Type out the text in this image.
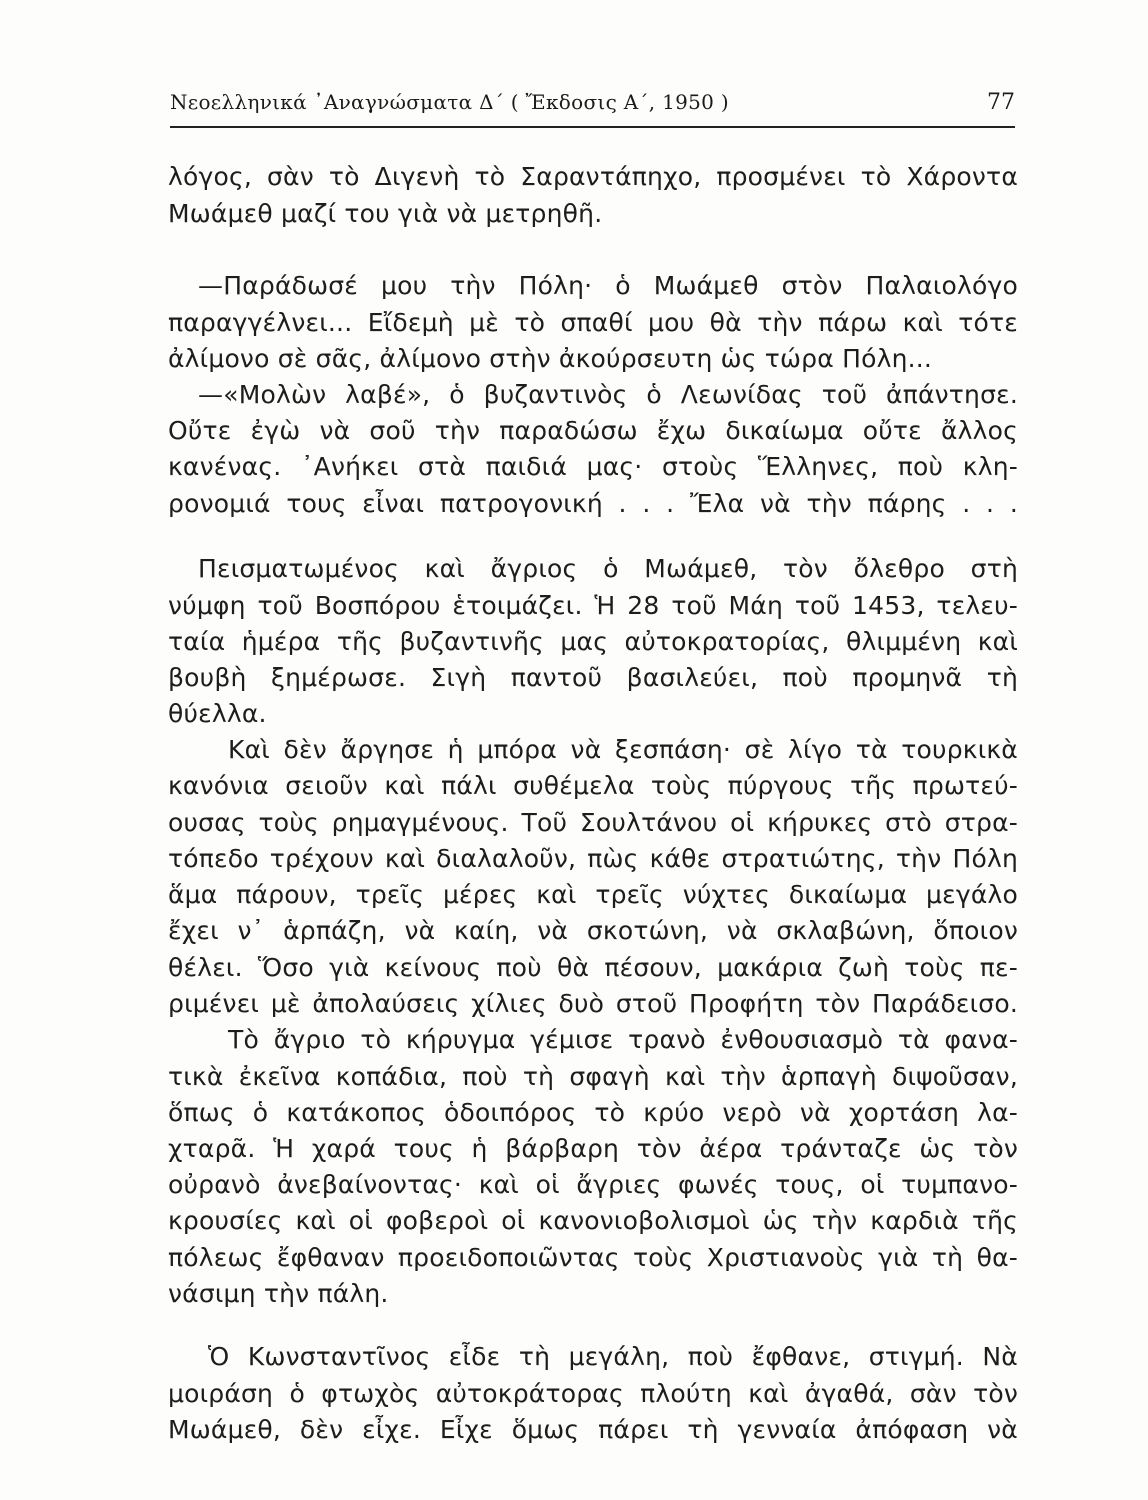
Νεοελληνικά ᾽Αναγνώσματα Δ΄ ( Ἔκδοσις Α΄, 1950 )	77
λόγος, σὰν τὸ Διγενὴ τὸ Σαραντάπηχο, προσμένει τὸ Χάροντα
Μωάμεθ μαζί του γιὰ νὰ μετρηθῆ.
—Παράδωσέ μου τὴν Πόλη· ὁ Μωάμεθ στὸν Παλαιολόγο
παραγγέλνει... Εἴδεμὴ μὲ τὸ σπαθί μου θὰ τὴν πάρω καὶ τότε
ἀλίμονο σὲ σᾶς, ἀλίμονο στὴν ἀκούρσευτη ὡς τώρα Πόλη...
—«Μολὼν λαβέ», ὁ βυζαντινὸς ὁ Λεωνίδας τοῦ ἀπάντησε.
Οὔτε ἐγὼ νὰ σοῦ τὴν παραδώσω ἔχω δικαίωμα οὔτε ἄλλος
κανένας. ᾽Ανήκει στὰ παιδιά μας· στοὺς Ἕλληνες, ποὺ κλη-
ρονομιά τους εἶναι πατρογονική . . . Ἔλα νὰ τὴν πάρης . . .
Πεισματωμένος καὶ ἄγριος ὁ Μωάμεθ, τὸν ὄλεθρο στὴ
νύμφη τοῦ Βοσπόρου ἑτοιμάζει. Ἡ 28 τοῦ Μάη τοῦ 1453, τελευ-
ταία ἡμέρα τῆς βυζαντινῆς μας αὐτοκρατορίας, θλιμμένη καὶ
βουβὴ ξημέρωσε. Σιγὴ παντοῦ βασιλεύει, ποὺ προμηνᾶ τὴ
θύελλα.
Καὶ δὲν ἄργησε ἡ μπόρα νὰ ξεσπάση· σὲ λίγο τὰ τουρκικὰ
κανόνια σειοῦν καὶ πάλι συθέμελα τοὺς πύργους τῆς πρωτεύ-
ουσας τοὺς ρημαγμένους. Τοῦ Σουλτάνου οἱ κήρυκες στὸ στρα-
τόπεδο τρέχουν καὶ διαλαλοῦν, πὼς κάθε στρατιώτης, τὴν Πόλη
ἅμα πάρουν, τρεῖς μέρες καὶ τρεῖς νύχτες δικαίωμα μεγάλο
ἔχει ν᾽ ἁρπάζη, νὰ καίη, νὰ σκοτώνη, νὰ σκλαβώνη, ὅποιον
θέλει. Ὅσο γιὰ κείνους ποὺ θὰ πέσουν, μακάρια ζωὴ τοὺς πε-
ριμένει μὲ ἀπολαύσεις χίλιες δυὸ στοῦ Προφήτη τὸν Παράδεισο.
Τὸ ἄγριο τὸ κήρυγμα γέμισε τρανὸ ἐνθουσιασμὸ τὰ φανα-
τικὰ ἐκεῖνα κοπάδια, ποὺ τὴ σφαγὴ καὶ τὴν ἁρπαγὴ διψοῦσαν,
ὅπως ὁ κατάκοπος ὁδοιπόρος τὸ κρύο νερὸ νὰ χορτάση λα-
χταρᾶ. Ἡ χαρά τους ἡ βάρβαρη τὸν ἀέρα τράνταζε ὡς τὸν
οὐρανὸ ἀνεβαίνοντας· καὶ οἱ ἄγριες φωνές τους, οἱ τυμπανο-
κρουσίες καὶ οἱ φοβεροὶ οἱ κανονιοβολισμοὶ ὡς τὴν καρδιὰ τῆς
πόλεως ἔφθαναν προειδοποιῶντας τοὺς Χριστιανοὺς γιὰ τὴ θα-
νάσιμη τὴν πάλη.
Ὁ Κωνσταντῖνος εἶδε τὴ μεγάλη, ποὺ ἔφθανε, στιγμή. Νὰ
μοιράση ὁ φτωχὸς αὐτοκράτορας πλούτη καὶ ἀγαθά, σὰν τὸν
Μωάμεθ, δὲν εἶχε. Εἶχε ὅμως πάρει τὴ γενναία ἀπόφαση νὰ
